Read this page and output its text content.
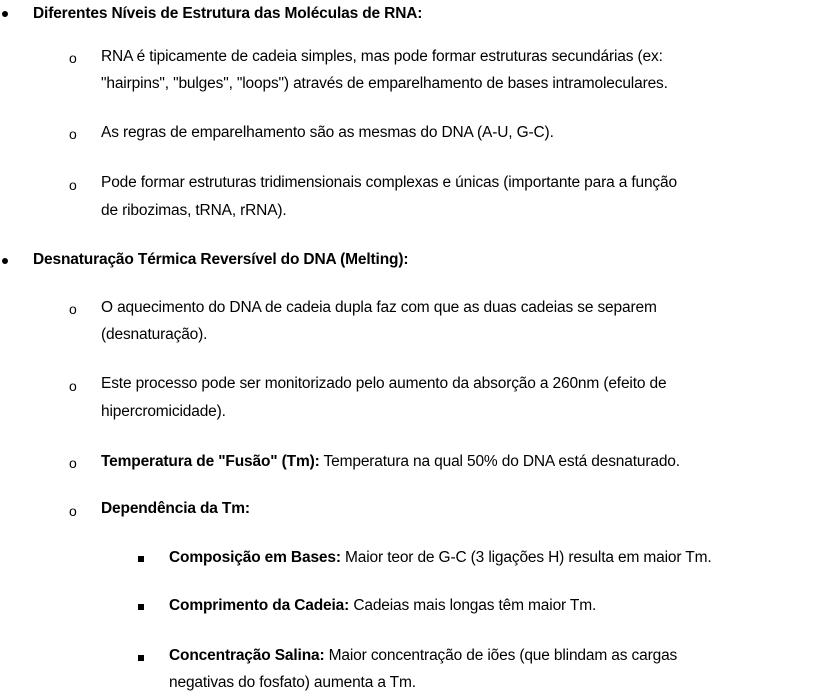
Diferentes Níveis de Estrutura das Moléculas de RNA:
o RNA é tipicamente de cadeia simples, mas pode formar estruturas secundárias (ex:
"hairpins", "bulges", "loops") através de emparelhamento de bases intramoleculares.
o As regras de emparelhamento são as mesmas do DNA (A-U, G-C).
o Pode formar estruturas tridimensionais complexas e únicas (importante para a função
de ribozimas, tRNA, rRNA).
Desnaturação Térmica Reversível do DNA (Melting):
o O aquecimento do DNA de cadeia dupla faz com que as duas cadeias se separem
(desnaturação).
o Este processo pode ser monitorizado pelo aumento da absorção a 260nm (efeito de
hipercromicidade).
o Temperatura de "Fusão" (Tm): Temperatura na qual 50% do DNA está desnaturado.
o Dependência da Tm:
Composição em Bases: Maior teor de G-C (3 ligações H) resulta em maior Tm.
Comprimento da Cadeia: Cadeias mais longas têm maior Tm.
Concentração Salina: Maior concentração de iões (que blindam as cargas
negativas do fosfato) aumenta a Tm.
